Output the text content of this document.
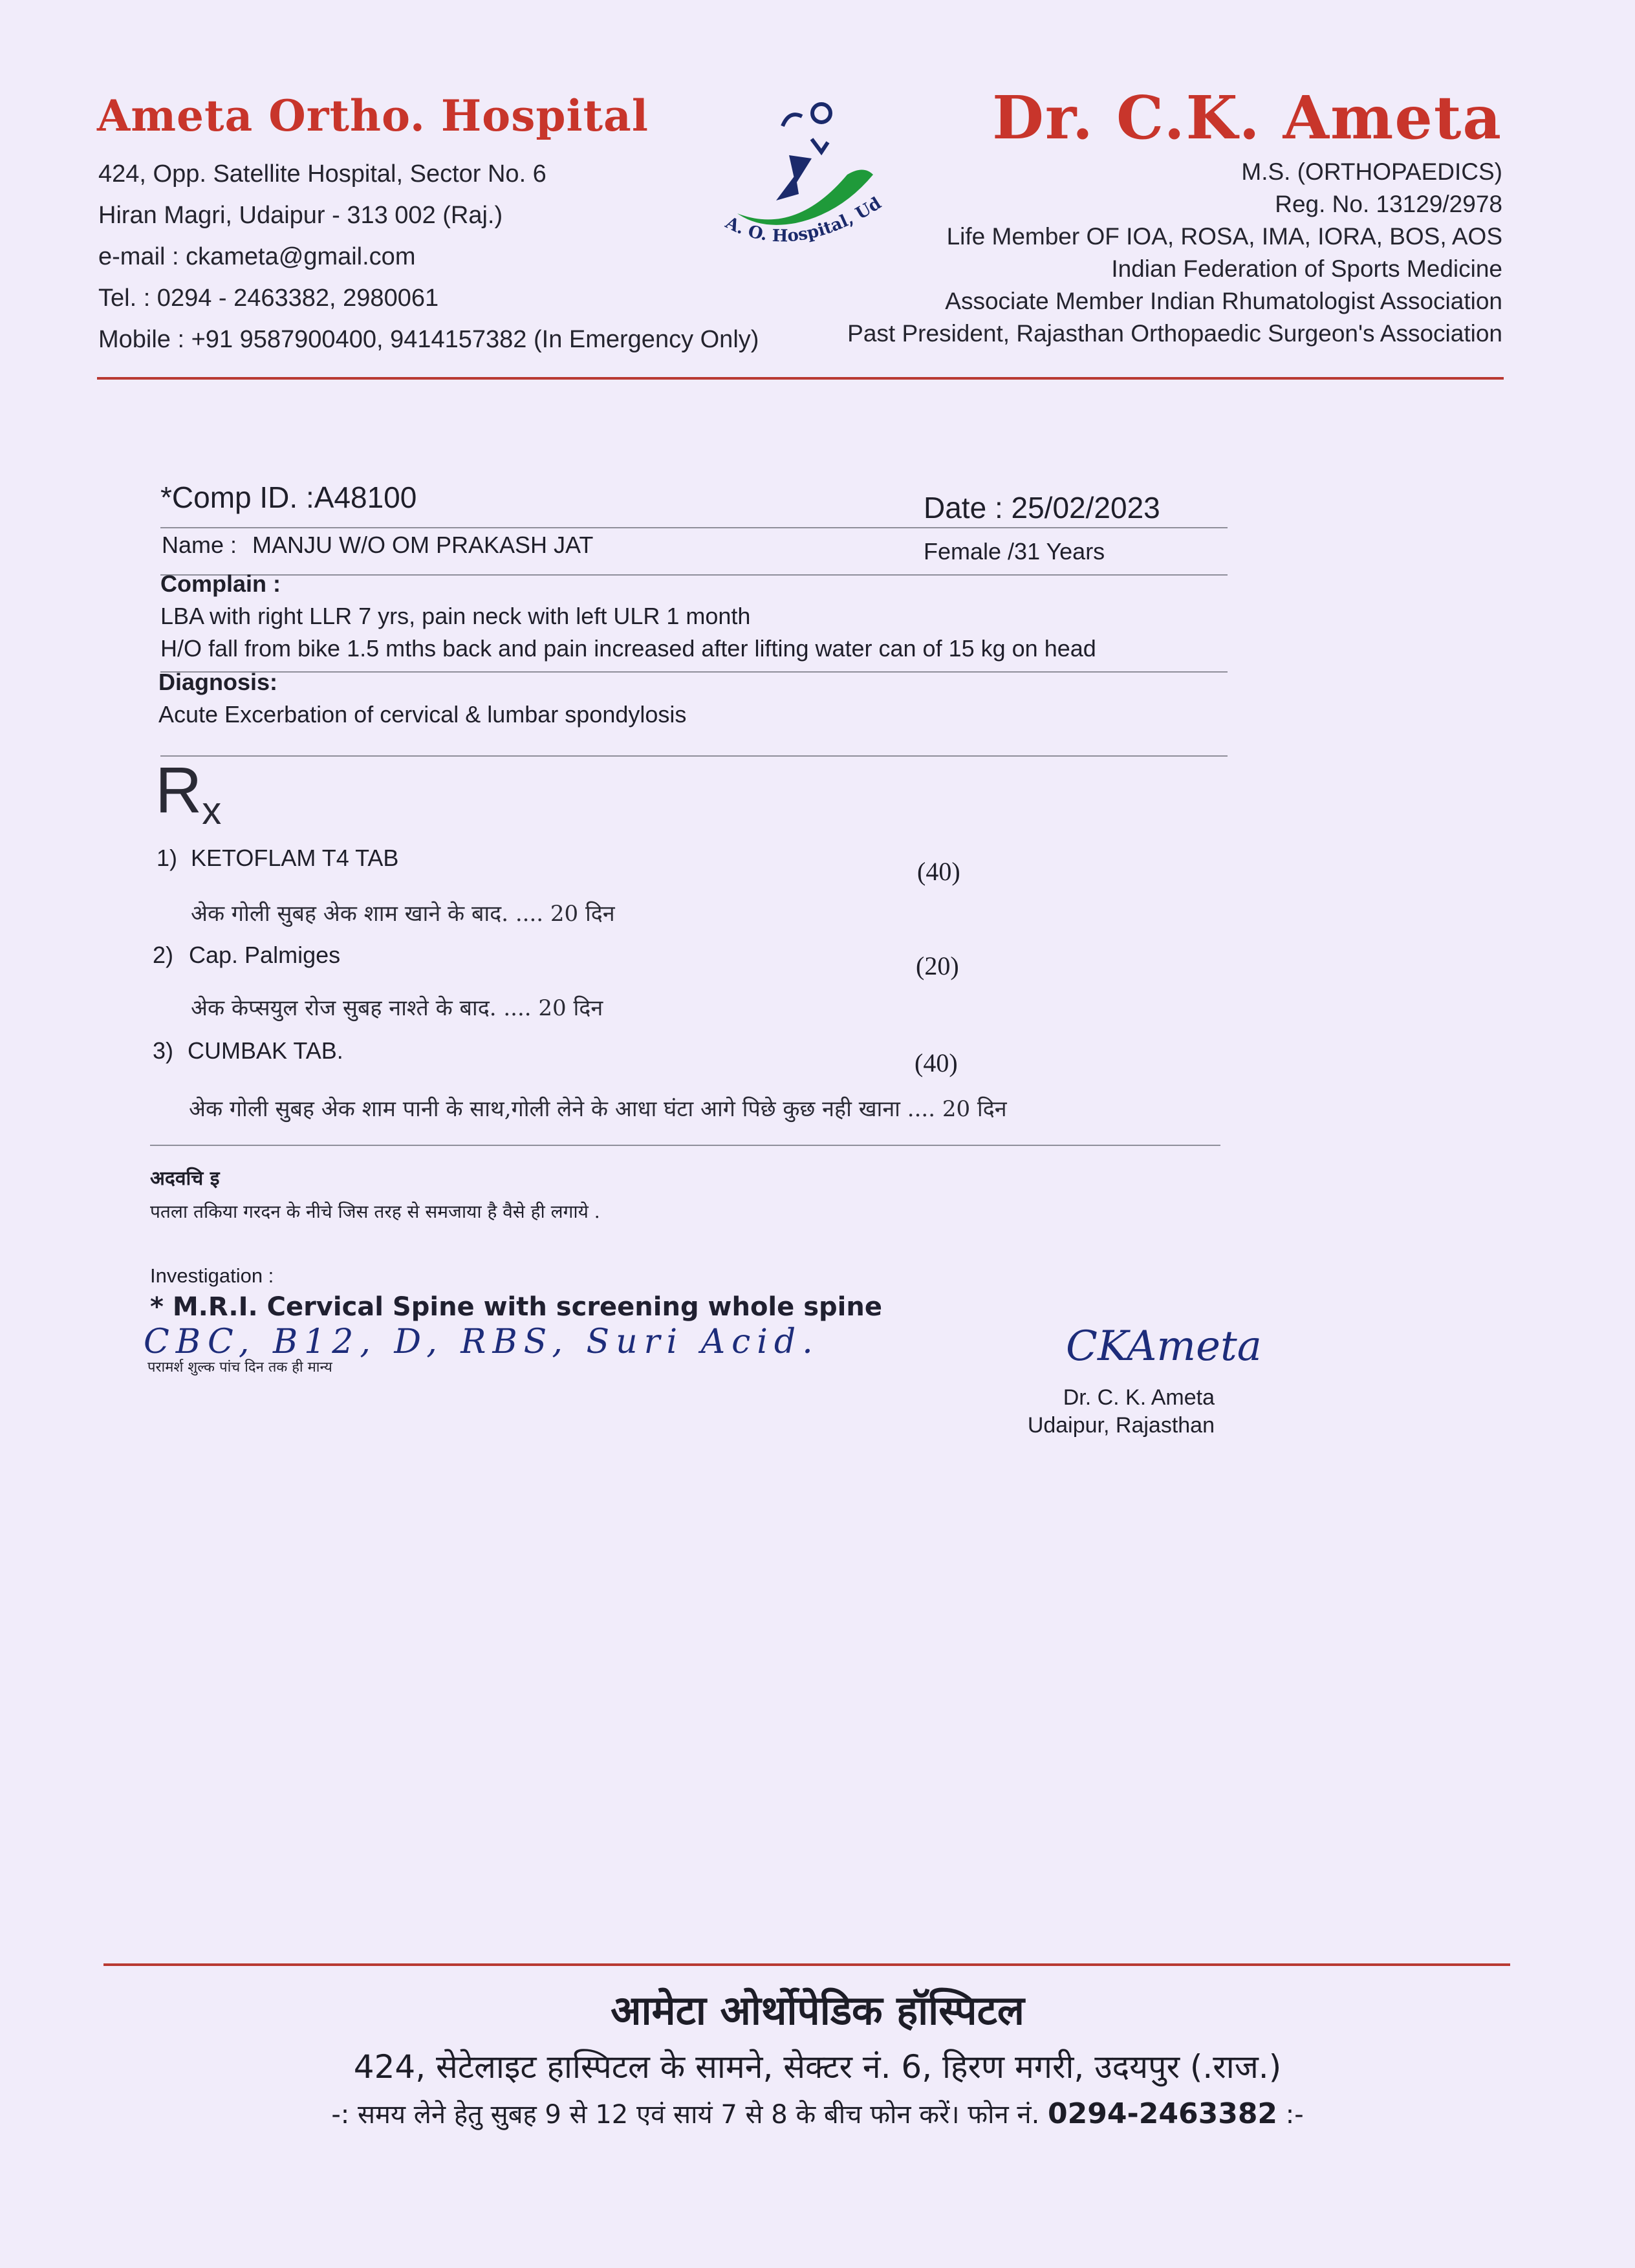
Ameta Ortho. Hospital
424, Opp. Satellite Hospital, Sector No. 6
Hiran Magri, Udaipur - 313 002 (Raj.)
e-mail : ckameta@gmail.com
Tel. : 0294 - 2463382, 2980061
Mobile : +91 9587900400, 9414157382 (In Emergency Only)
A. O. Hospital, Ud
Dr. C.K. Ameta
M.S. (ORTHOPAEDICS)
Reg. No. 13129/2978
Life Member OF IOA, ROSA, IMA, IORA, BOS, AOS
Indian Federation of Sports Medicine
Associate Member Indian Rhumatologist Association
Past President, Rajasthan Orthopaedic Surgeon's Association
*Comp ID. :A48100	Date : 25/02/2023
Name : MANJU W/O OM PRAKASH JAT	Female /31 Years
Complain :
LBA with right LLR 7 yrs, pain neck with left ULR 1 month
H/O fall from bike 1.5 mths back and pain increased after lifting water can of 15 kg on head
Diagnosis:
Acute Excerbation of cervical & lumbar spondylosis
Rx
1) KETOFLAM T4 TAB	(40)
अेक गोली सुबह अेक शाम खाने के बाद. .... 20 दिन
2) Cap. Palmiges	(20)
अेक केप्सयुल रोज सुबह नाश्ते के बाद. .... 20 दिन
3) CUMBAK TAB.	(40)
अेक गोली सुबह अेक शाम पानी के साथ,गोली लेने के आधा घंटा आगे पिछे कुछ नही खाना .... 20 दिन
अदवचि इ
पतला तकिया गरदन के नीचे जिस तरह से समजाया है वैसे ही लगाये .
Investigation :
* M.R.I. Cervical Spine with screening whole spine
CBC, B12, D, RBS, Suri Acid.
परामर्श शुल्क पांच दिन तक ही मान्य	CKAmeta
Dr. C. K. Ameta
Udaipur, Rajasthan
आमेटा ओर्थोपेडिक हॉस्पिटल
424, सेटेलाइट हास्पिटल के सामने, सेक्टर नं. 6, हिरण मगरी, उदयपुर (.राज.)
-: समय लेने हेतु सुबह 9 से 12 एवं सायं 7 से 8 के बीच फोन करें। फोन नं. 0294-2463382 :-
